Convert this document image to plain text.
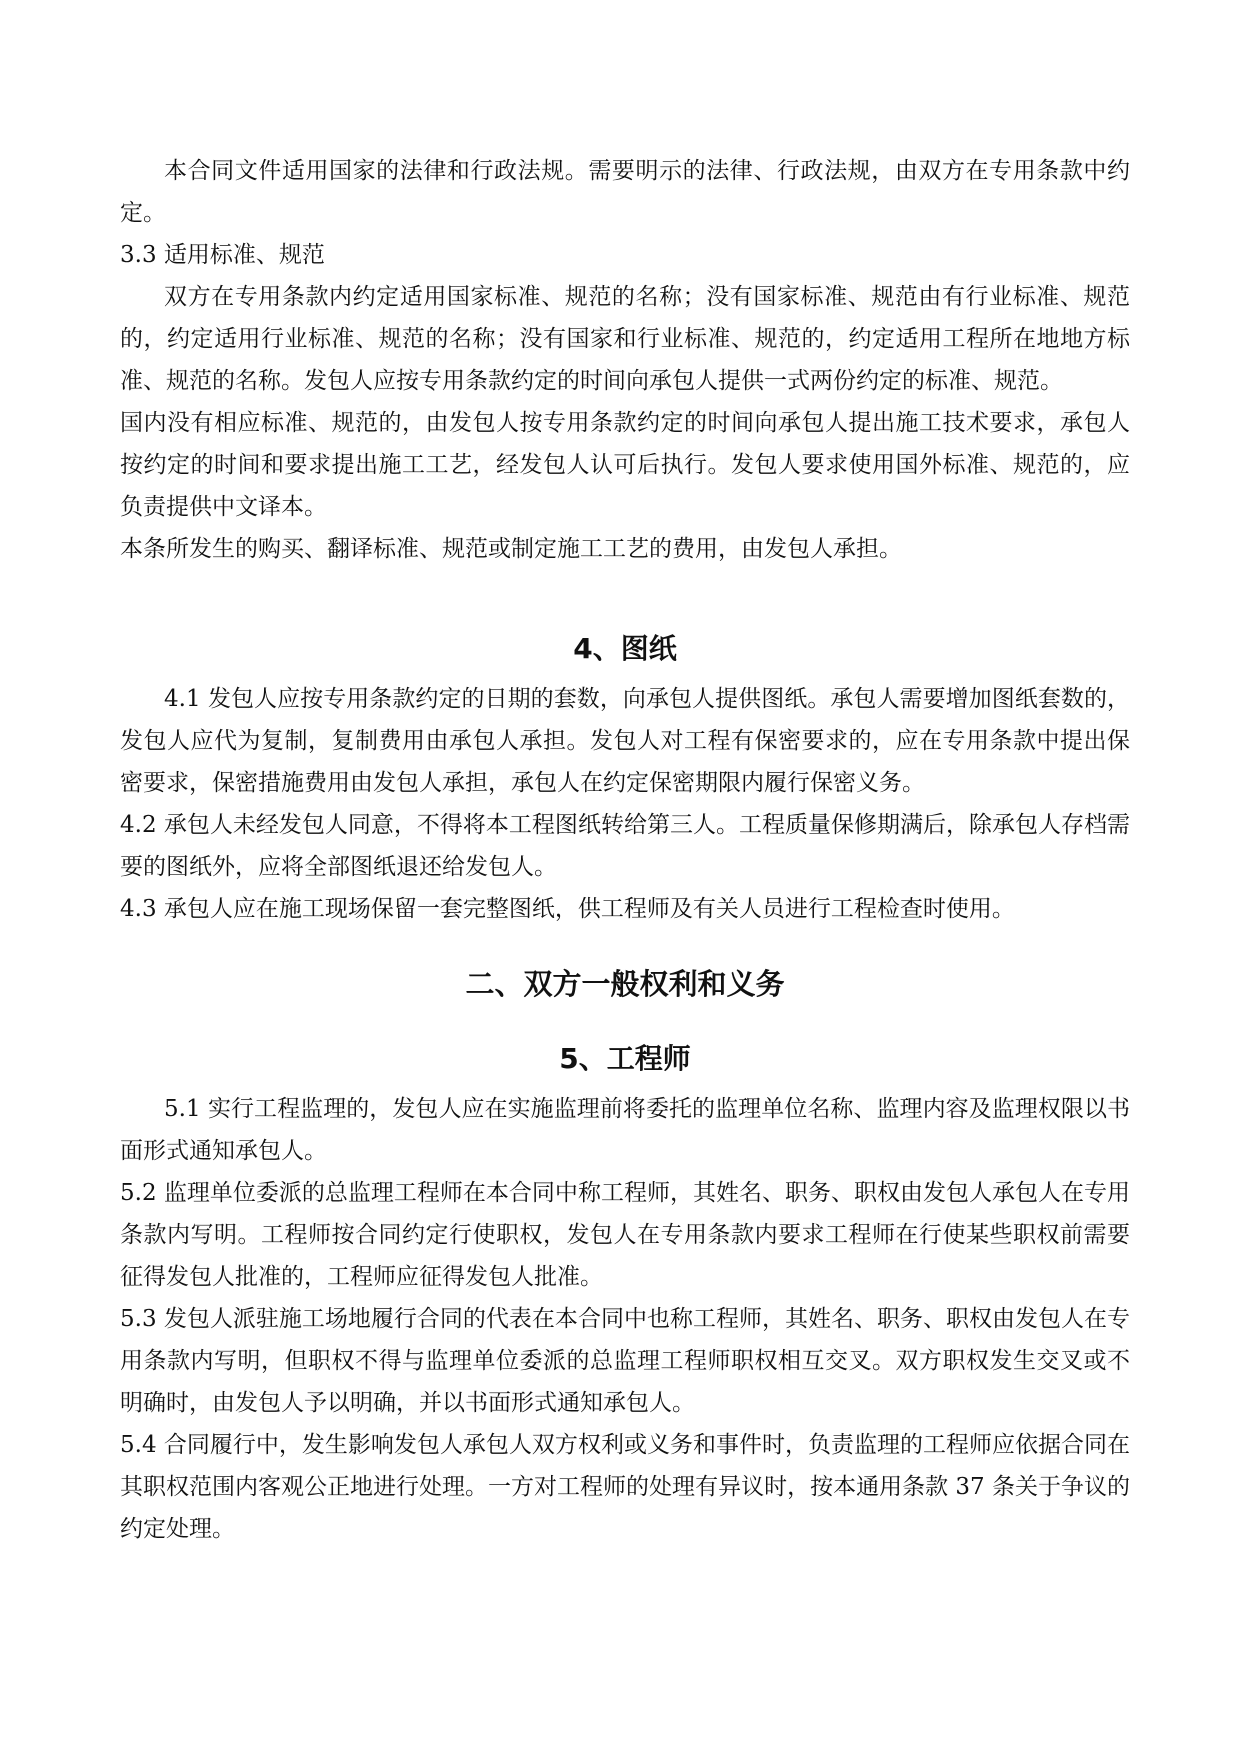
本合同文件适用国家的法律和行政法规。需要明示的法律、行政法规，由双方在专用条款中约定。

3.3 适用标准、规范

双方在专用条款内约定适用国家标准、规范的名称；没有国家标准、规范由有行业标准、规范的，约定适用行业标准、规范的名称；没有国家和行业标准、规范的，约定适用工程所在地地方标准、规范的名称。发包人应按专用条款约定的时间向承包人提供一式两份约定的标准、规范。

国内没有相应标准、规范的，由发包人按专用条款约定的时间向承包人提出施工技术要求，承包人按约定的时间和要求提出施工工艺，经发包人认可后执行。发包人要求使用国外标准、规范的，应负责提供中文译本。

本条所发生的购买、翻译标准、规范或制定施工工艺的费用，由发包人承担。

4、图纸

4.1 发包人应按专用条款约定的日期的套数，向承包人提供图纸。承包人需要增加图纸套数的，发包人应代为复制，复制费用由承包人承担。发包人对工程有保密要求的，应在专用条款中提出保密要求，保密措施费用由发包人承担，承包人在约定保密期限内履行保密义务。

4.2 承包人未经发包人同意，不得将本工程图纸转给第三人。工程质量保修期满后，除承包人存档需要的图纸外，应将全部图纸退还给发包人。

4.3 承包人应在施工现场保留一套完整图纸，供工程师及有关人员进行工程检查时使用。

二、双方一般权利和义务
5、工程师

5.1 实行工程监理的，发包人应在实施监理前将委托的监理单位名称、监理内容及监理权限以书面形式通知承包人。

5.2 监理单位委派的总监理工程师在本合同中称工程师，其姓名、职务、职权由发包人承包人在专用条款内写明。工程师按合同约定行使职权，发包人在专用条款内要求工程师在行使某些职权前需要征得发包人批准的，工程师应征得发包人批准。

5.3 发包人派驻施工场地履行合同的代表在本合同中也称工程师，其姓名、职务、职权由发包人在专用条款内写明，但职权不得与监理单位委派的总监理工程师职权相互交叉。双方职权发生交叉或不明确时，由发包人予以明确，并以书面形式通知承包人。

5.4 合同履行中，发生影响发包人承包人双方权利或义务和事件时，负责监理的工程师应依据合同在其职权范围内客观公正地进行处理。一方对工程师的处理有异议时，按本通用条款 37 条关于争议的约定处理。
